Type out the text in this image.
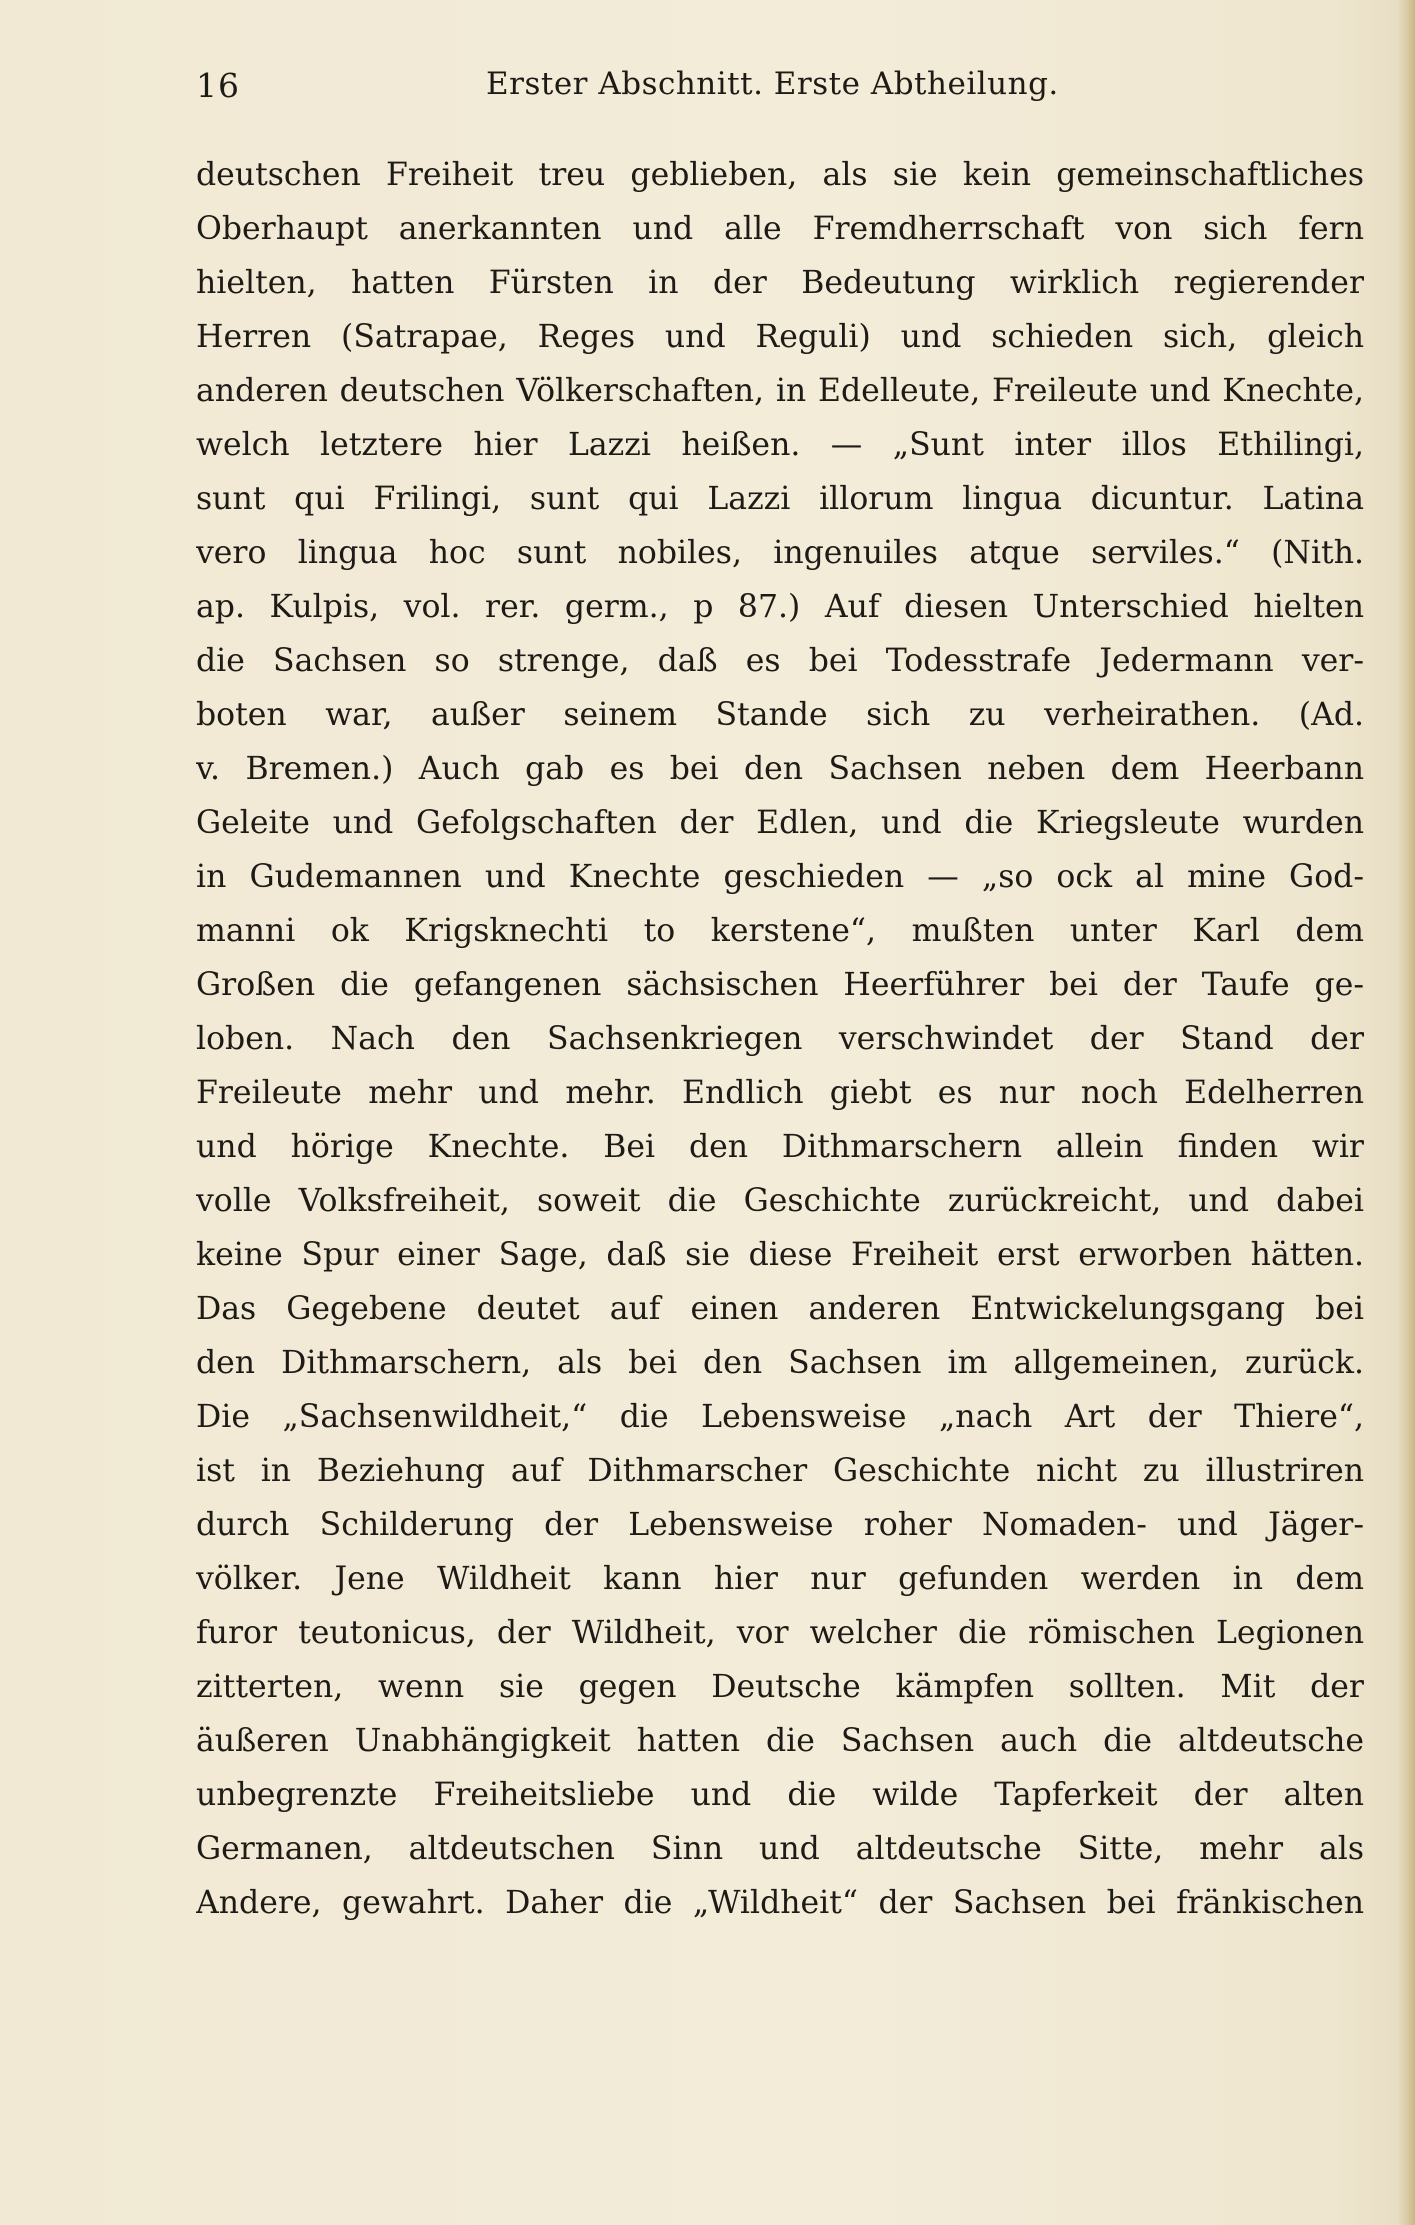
16	Erster Abschnitt. Erste Abtheilung.
deutschen Freiheit treu geblieben, als sie kein gemeinschaftliches
Oberhaupt anerkannten und alle Fremdherrschaft von sich fern
hielten, hatten Fürsten in der Bedeutung wirklich regierender
Herren (Satrapae, Reges und Reguli) und schieden sich, gleich
anderen deutschen Völkerschaften, in Edelleute, Freileute und Knechte,
welch letztere hier Lazzi heißen. — „Sunt inter illos Ethilingi,
sunt qui Frilingi, sunt qui Lazzi illorum lingua dicuntur. Latina
vero lingua hoc sunt nobiles, ingenuiles atque serviles.“ (Nith.
ap. Kulpis, vol. rer. germ., p 87.) Auf diesen Unterschied hielten
die Sachsen so strenge, daß es bei Todesstrafe Jedermann ver-
boten war, außer seinem Stande sich zu verheirathen. (Ad.
v. Bremen.) Auch gab es bei den Sachsen neben dem Heerbann
Geleite und Gefolgschaften der Edlen, und die Kriegsleute wurden
in Gudemannen und Knechte geschieden — „so ock al mine God-
manni ok Krigsknechti to kerstene“, mußten unter Karl dem
Großen die gefangenen sächsischen Heerführer bei der Taufe ge-
loben. Nach den Sachsenkriegen verschwindet der Stand der
Freileute mehr und mehr. Endlich giebt es nur noch Edelherren
und hörige Knechte. Bei den Dithmarschern allein finden wir
volle Volksfreiheit, soweit die Geschichte zurückreicht, und dabei
keine Spur einer Sage, daß sie diese Freiheit erst erworben hätten.
Das Gegebene deutet auf einen anderen Entwickelungsgang bei
den Dithmarschern, als bei den Sachsen im allgemeinen, zurück.
Die „Sachsenwildheit,“ die Lebensweise „nach Art der Thiere“,
ist in Beziehung auf Dithmarscher Geschichte nicht zu illustriren
durch Schilderung der Lebensweise roher Nomaden- und Jäger-
völker. Jene Wildheit kann hier nur gefunden werden in dem
furor teutonicus, der Wildheit, vor welcher die römischen Legionen
zitterten, wenn sie gegen Deutsche kämpfen sollten. Mit der
äußeren Unabhängigkeit hatten die Sachsen auch die altdeutsche
unbegrenzte Freiheitsliebe und die wilde Tapferkeit der alten
Germanen, altdeutschen Sinn und altdeutsche Sitte, mehr als
Andere, gewahrt. Daher die „Wildheit“ der Sachsen bei fränkischen
